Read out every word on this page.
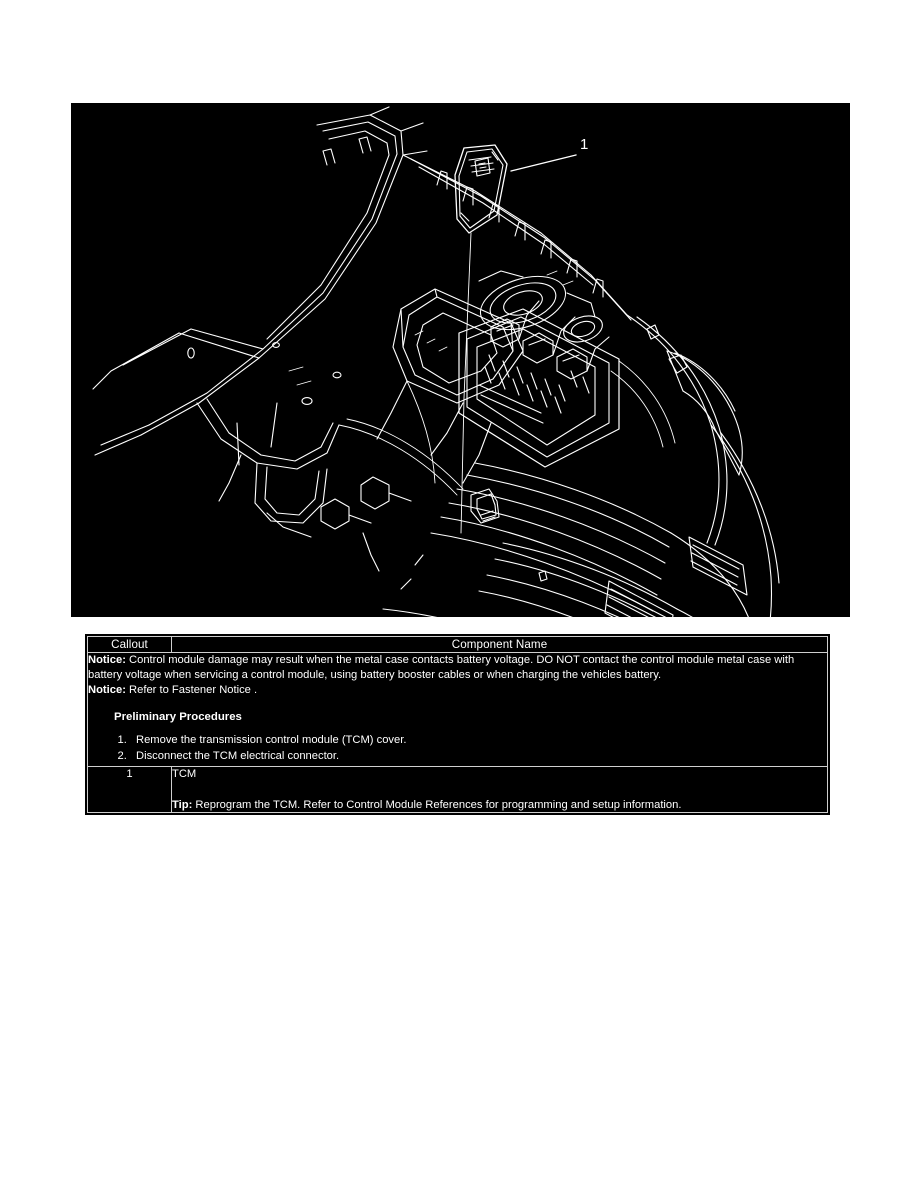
1
Callout	Component Name

Notice: Control module damage may result when the metal case contacts battery voltage. DO NOT contact the control module metal case with battery voltage when servicing a control module, using battery booster cables or when charging the vehicles battery.

Notice: Refer to Fastener Notice .

Preliminary Procedures
1. Remove the transmission control module (TCM) cover.
2. Disconnect the TCM electrical connector.

1	TCM

Tip: Reprogram the TCM. Refer to Control Module References for programming and setup information.
